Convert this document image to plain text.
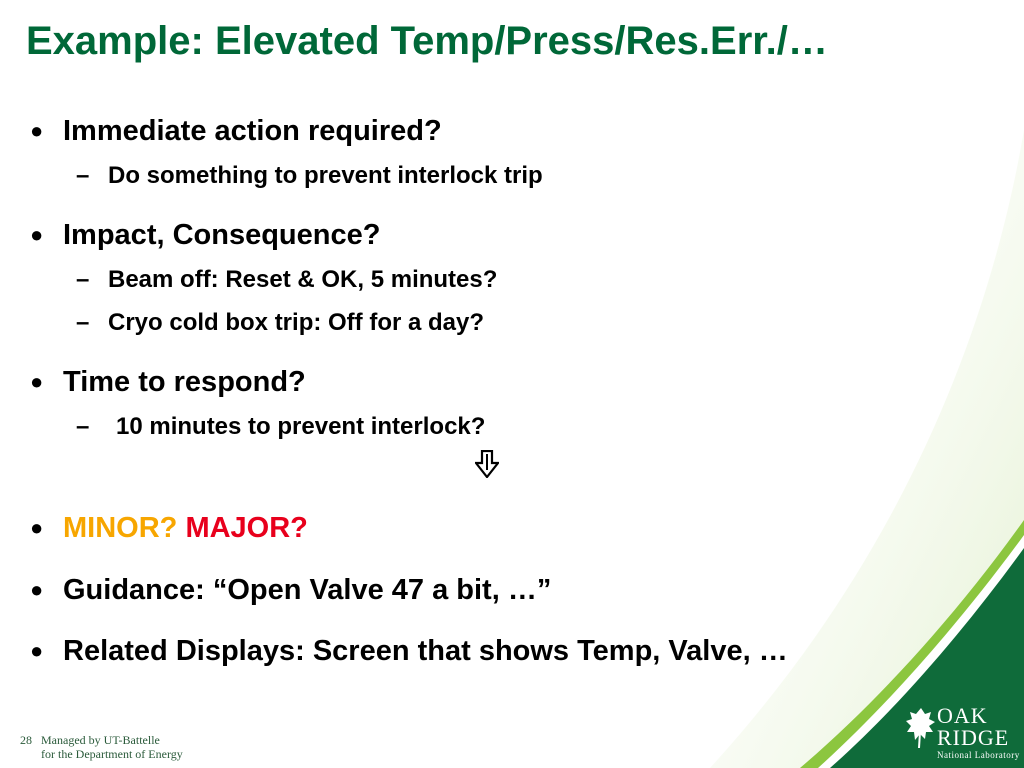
Example: Elevated Temp/Press/Res.Err./…
● Immediate action required?
– Do something to prevent interlock trip
● Impact, Consequence?
– Beam off: Reset & OK, 5 minutes?
– Cryo cold box trip: Off for a day?
● Time to respond?
– 10 minutes to prevent interlock?
● MINOR? MAJOR?
● Guidance: “Open Valve 47 a bit, …”
● Related Displays: Screen that shows Temp, Valve, …
28 Managed by UT-Battelle
for the Department of Energy
OAK
RIDGE
National Laboratory
